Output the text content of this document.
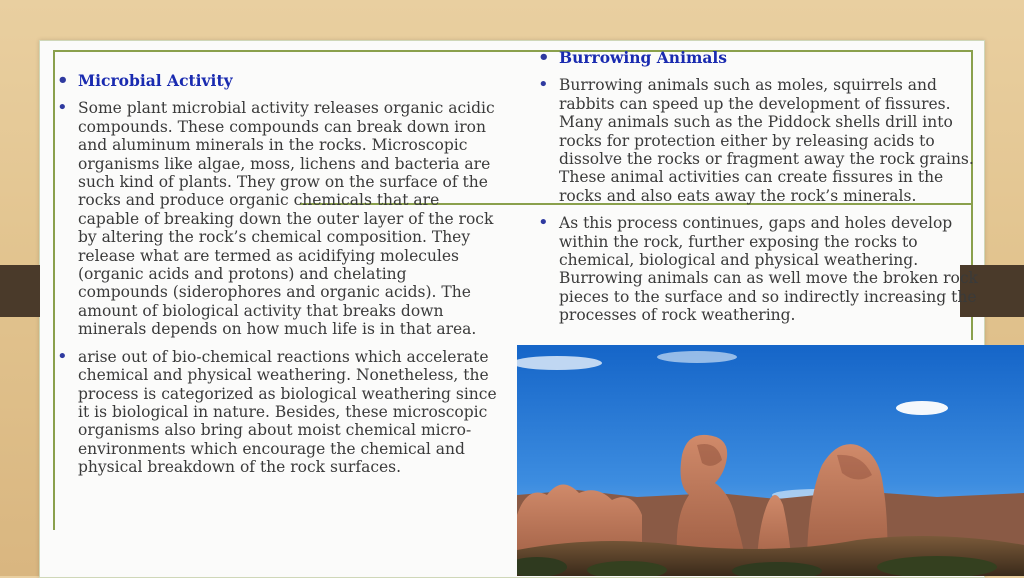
• Microbial Activity
• Some plant microbial activity releases organic acidic compounds. These compounds can break down iron and aluminum minerals in the rocks. Microscopic organisms like algae, moss, lichens and bacteria are such kind of plants. They grow on the surface of the rocks and produce organic chemicals that are capable of breaking down the outer layer of the rock by altering the rock’s chemical composition. They release what are termed as acidifying molecules (organic acids and protons) and chelating compounds (siderophores and organic acids). The amount of biological activity that breaks down minerals depends on how much life is in that area.
• arise out of bio-chemical reactions which accelerate chemical and physical weathering. Nonetheless, the process is categorized as biological weathering since it is biological in nature. Besides, these microscopic organisms also bring about moist chemical micro-environments which encourage the chemical and physical breakdown of the rock surfaces.
• Burrowing Animals
• Burrowing animals such as moles, squirrels and rabbits can speed up the development of fissures. Many animals such as the Piddock shells drill into rocks for protection either by releasing acids to dissolve the rocks or fragment away the rock grains. These animal activities can create fissures in the rocks and also eats away the rock’s minerals.
• As this process continues, gaps and holes develop within the rock, further exposing the rocks to chemical, biological and physical weathering. Burrowing animals can as well move the broken rock pieces to the surface and so indirectly increasing the processes of rock weathering.
